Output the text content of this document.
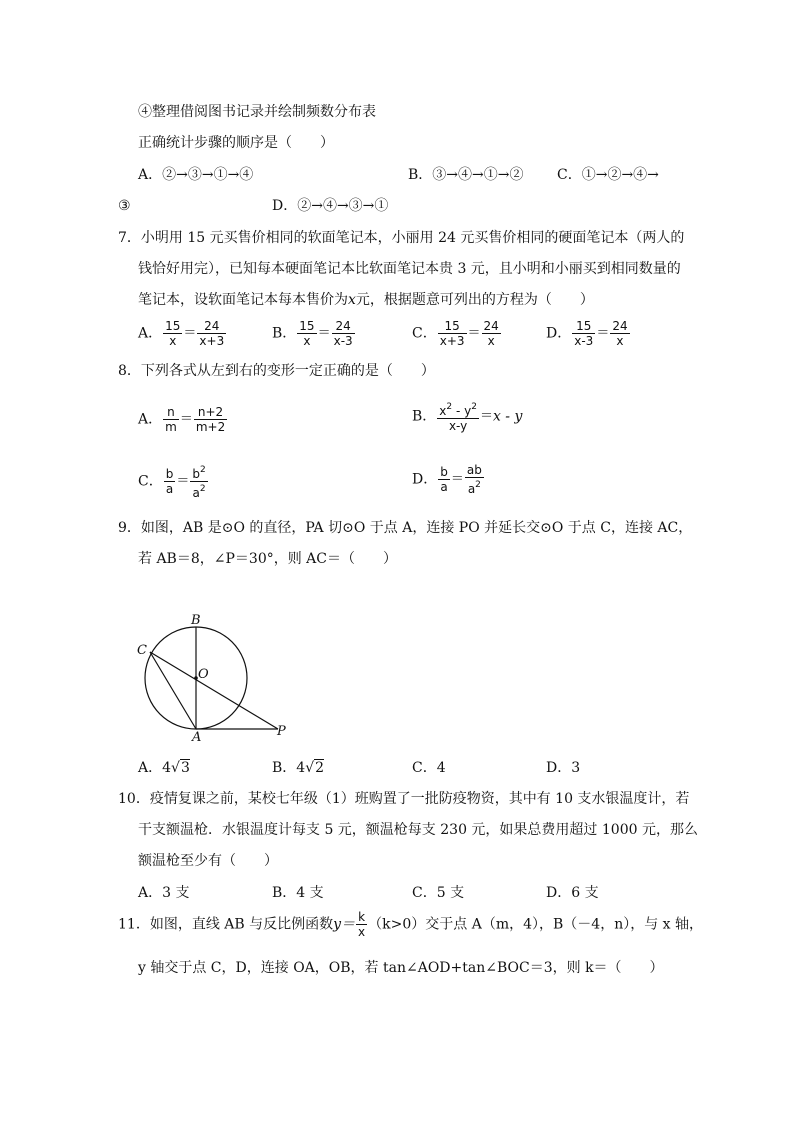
④整理借阅图书记录并绘制频数分布表
正确统计步骤的顺序是（　　）
A．②→③→①→④	B．③→④→①→② C．①→②→④→
③	D．②→④→③→①
7．小明用 15 元买售价相同的软面笔记本，小丽用 24 元买售价相同的硬面笔记本（两人的
钱恰好用完），已知每本硬面笔记本比软面笔记本贵 3 元，且小明和小丽买到相同数量的
笔记本，设软面笔记本每本售价为x元，根据题意可列出的方程为（　　）
A． $\frac{15}{x} = \frac{24}{x+3}$	B． $\frac{15}{x} = \frac{24}{x-3}$	C． $\frac{15}{x+3} = \frac{24}{x}$	D． $\frac{15}{x-3} = \frac{24}{x}$
8．下列各式从左到右的变形一定正确的是（　　）
A． $\frac{n}{m} = \frac{n+2}{m+2}$	B． $\frac{x^2 - y^2}{x-y} =x - y$
C． $\frac{b}{a} = \frac{b^2}{a^2}$	D． $\frac{b}{a} = \frac{ab}{a^2}$
9．如图，AB 是⊙O 的直径，PA 切⊙O 于点 A，连接 PO 并延长交⊙O 于点 C，连接 AC，
若 AB＝8，∠P＝30°，则 AC＝（　　）
B
C
O
A	P
A．4√3	B．4√2	C．4	D．3
10．疫情复课之前，某校七年级（1）班购置了一批防疫物资，其中有 10 支水银温度计，若
干支额温枪．水银温度计每支 5 元，额温枪每支 230 元，如果总费用超过 1000 元，那么
额温枪至少有（　　）
A．3 支	B．4 支	C．5 支	D．6 支
11．如图，直线 AB 与反比例函数$y= \frac{k}{x} (k>0)$交于点 A（m，4），B（－4，n），与 x 轴，
y 轴交于点 C，D，连接 OA，OB，若 tan∠AOD+tan∠BOC＝3，则 k＝（　　）
